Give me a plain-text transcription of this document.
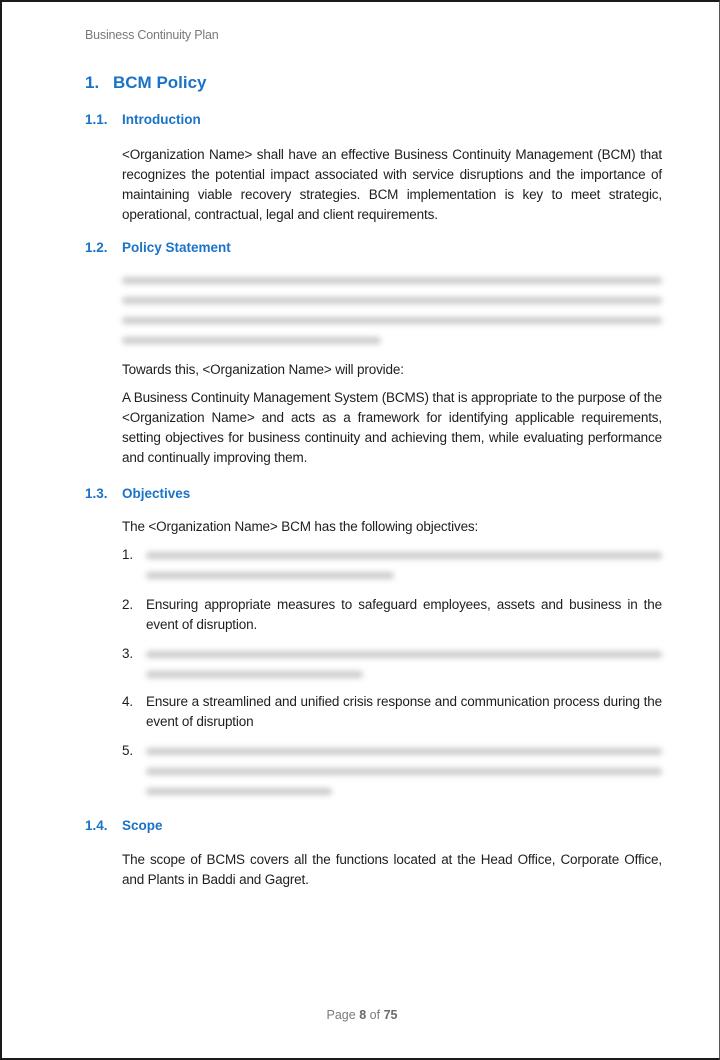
Business Continuity Plan
1. BCM Policy
1.1.	Introduction

<Organization Name> shall have an effective Business Continuity Management (BCM) that recognizes the potential impact associated with service disruptions and the importance of maintaining viable recovery strategies. BCM implementation is key to meet strategic, operational, contractual, legal and client requirements.

1.2.	Policy Statement

Towards this, <Organization Name> will provide:

A Business Continuity Management System (BCMS) that is appropriate to the purpose of the <Organization Name> and acts as a framework for identifying applicable requirements, setting objectives for business continuity and achieving them, while evaluating performance and continually improving them.

1.3.	Objectives

The <Organization Name> BCM has the following objectives:

1.
2. Ensuring appropriate measures to safeguard employees, assets and business in the event of disruption.
3.
4. Ensure a streamlined and unified crisis response and communication process during the event of disruption
5.
1.4.	Scope

The scope of BCMS covers all the functions located at the Head Office, Corporate Office, and Plants in Baddi and Gagret.

Page 8 of 75
